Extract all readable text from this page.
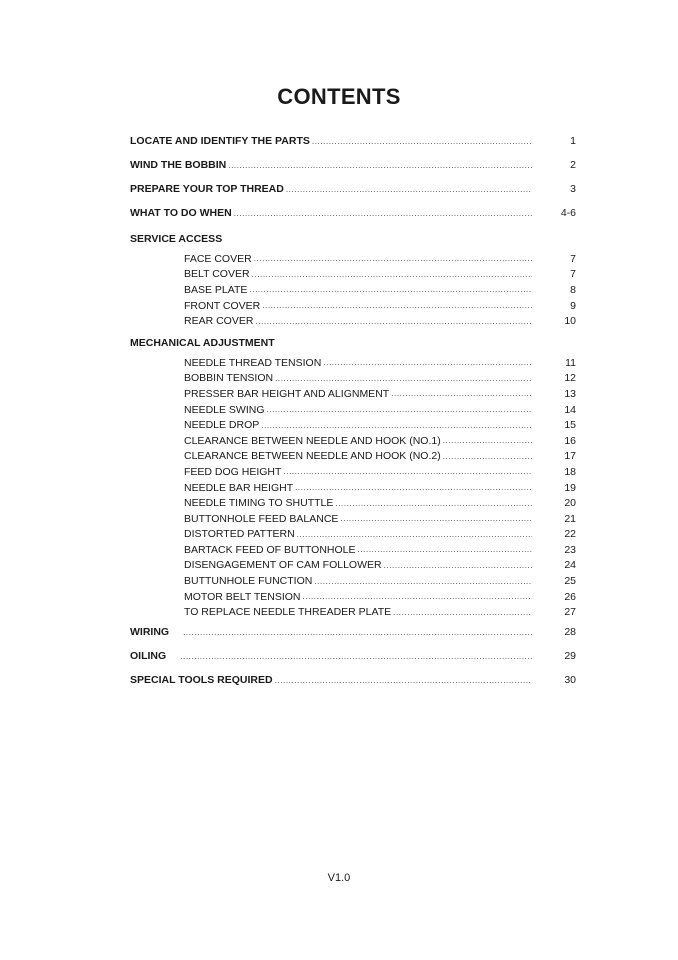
CONTENTS
LOCATE AND IDENTIFY THE PARTS .....	1
WIND THE BOBBIN .....	2
PREPARE YOUR TOP THREAD .....	3
WHAT TO DO WHEN .....	4-6
SERVICE ACCESS
FACE COVER .....	7
BELT COVER .....	7
BASE PLATE .....	8
FRONT COVER .....	9
REAR COVER .....	10
MECHANICAL ADJUSTMENT
NEEDLE THREAD TENSION .....	11
BOBBIN TENSION .....	12
PRESSER BAR HEIGHT AND ALIGNMENT .....	13
NEEDLE SWING .....	14
NEEDLE DROP .....	15
CLEARANCE BETWEEN NEEDLE AND HOOK (NO.1) .....	16
CLEARANCE BETWEEN NEEDLE AND HOOK (NO.2) .....	17
FEED DOG HEIGHT .....	18
NEEDLE BAR HEIGHT .....	19
NEEDLE TIMING TO SHUTTLE .....	20
BUTTONHOLE FEED BALANCE .....	21
DISTORTED PATTERN .....	22
BARTACK FEED OF BUTTONHOLE .....	23
DISENGAGEMENT OF CAM FOLLOWER .....	24
BUTTUNHOLE FUNCTION .....	25
MOTOR BELT TENSION .....	26
TO REPLACE NEEDLE THREADER PLATE .....	27
WIRING .....	28
OILING .....	29
SPECIAL TOOLS REQUIRED .....	30
V1.0
